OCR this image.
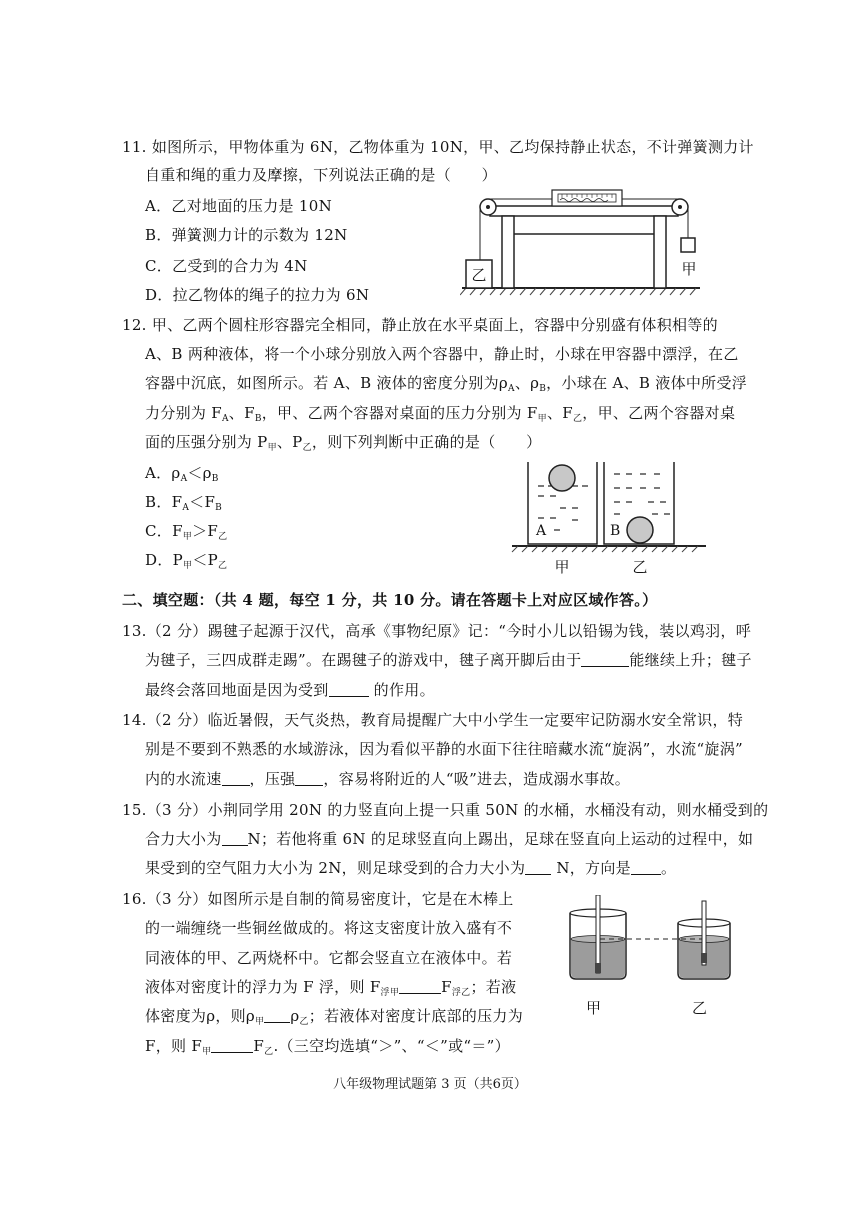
11. 如图所示，甲物体重为 6N，乙物体重为 10N，甲、乙均保持静止状态，不计弹簧测力计
自重和绳的重力及摩擦，下列说法正确的是（　　）
A．乙对地面的压力是 10N
B．弹簧测力计的示数为 12N
C．乙受到的合力为 4N
D．拉乙物体的绳子的拉力为 6N
乙	甲
12. 甲、乙两个圆柱形容器完全相同，静止放在水平桌面上，容器中分别盛有体积相等的
A、B 两种液体，将一个小球分别放入两个容器中，静止时，小球在甲容器中漂浮，在乙
容器中沉底，如图所示。若 A、B 液体的密度分别为$\rho_A$、$\rho_B$，小球在 A、B 液体中所受浮
力分别为 $F_A$、$F_B$，甲、乙两个容器对桌面的压力分别为 $F_甲$、$F_乙$，甲、乙两个容器对桌
面的压强分别为 $P_甲$、$P_乙$，则下列判断中正确的是（　　）
A．$\rho_A<\rho_B$
B．$F_A<F_B$
C．$F_甲>F_乙$
D．$P_甲<P_乙$
A	B
甲	乙
二、填空题：（共 4 题，每空 1 分，共 10 分。请在答题卡上对应区域作答。）
13.（2 分）踢毽子起源于汉代，高承《事物纪原》记：“今时小儿以铅锡为钱，装以鸡羽，呼
为毽子，三四成群走踢”。在踢毽子的游戏中，毽子离开脚后由于	能继续上升；毽子
最终会落回地面是因为受到	的作用。
14.（2 分）临近暑假，天气炎热，教育局提醒广大中小学生一定要牢记防溺水安全常识，特
别是不要到不熟悉的水域游泳，因为看似平静的水面下往往暗藏水流“旋涡”，水流“旋涡”
内的水流速 ，压强 ，容易将附近的人“吸”进去，造成溺水事故。
15.（3 分）小荆同学用 20N 的力竖直向上提一只重 50N 的水桶，水桶没有动，则水桶受到的
合力大小为 N；若他将重 6N 的足球竖直向上踢出，足球在竖直向上运动的过程中，如
果受到的空气阻力大小为 2N，则足球受到的合力大小为 N，方向是 。
16.（3 分）如图所示是自制的简易密度计，它是在木棒上
的一端缠绕一些铜丝做成的。将这支密度计放入盛有不
同液体的甲、乙两烧杯中。它都会竖直立在液体中。若
液体对密度计的浮力为 F 浮，则 $F_{浮甲}$	$F_{浮乙}$；若液
体密度为ρ，则$\rho_甲$ $\rho_乙$；若液体对密度计底部的压力为
F，则 $F_甲$	$F_乙$.（三空均选填“＞”、“＜”或“＝”）
甲	乙
八年级物理试题第 3 页（共6页）
